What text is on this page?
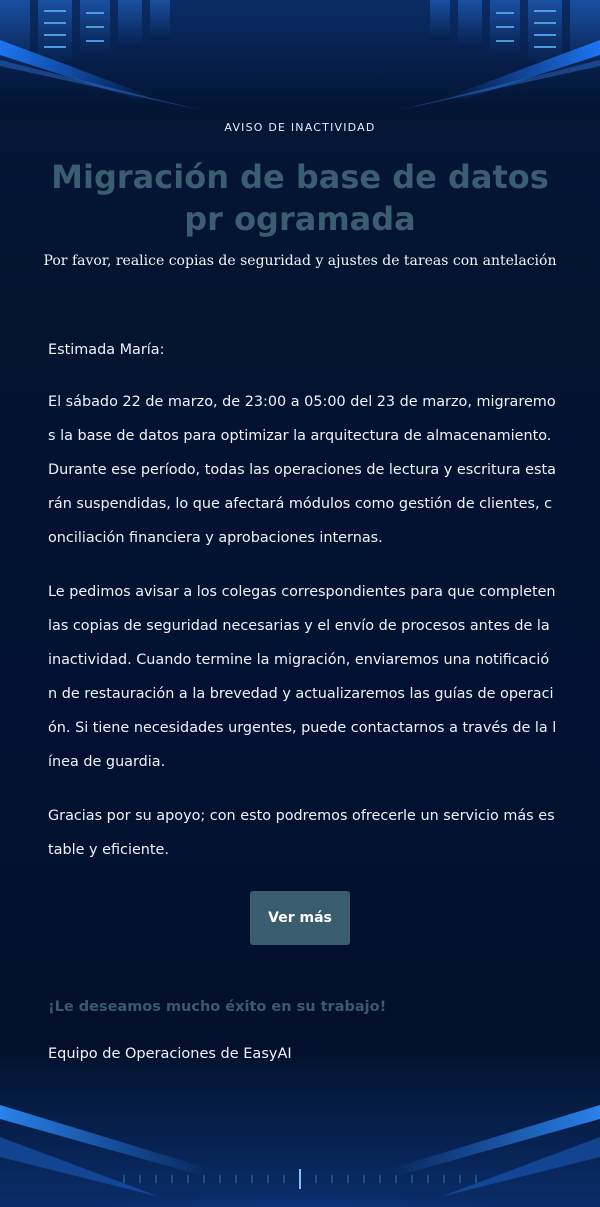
AVISO DE INACTIVIDAD
Migración de base de datos pr ogramada
Por favor, realice copias de seguridad y ajustes de tareas con antelación

Estimada María:

El sábado 22 de marzo, de 23:00 a 05:00 del 23 de marzo, migraremos la base de datos para optimizar la arquitectura de almacenamiento. Durante ese período, todas las operaciones de lectura y escritura estarán suspendidas, lo que afectará módulos como gestión de clientes, conciliación financiera y aprobaciones internas.

Le pedimos avisar a los colegas correspondientes para que completen las copias de seguridad necesarias y el envío de procesos antes de la inactividad. Cuando termine la migración, enviaremos una notificación de restauración a la brevedad y actualizaremos las guías de operación. Si tiene necesidades urgentes, puede contactarnos a través de la línea de guardia.

Gracias por su apoyo; con esto podremos ofrecerle un servicio más estable y eficiente.

Ver más
¡Le deseamos mucho éxito en su trabajo!
Equipo de Operaciones de EasyAI
